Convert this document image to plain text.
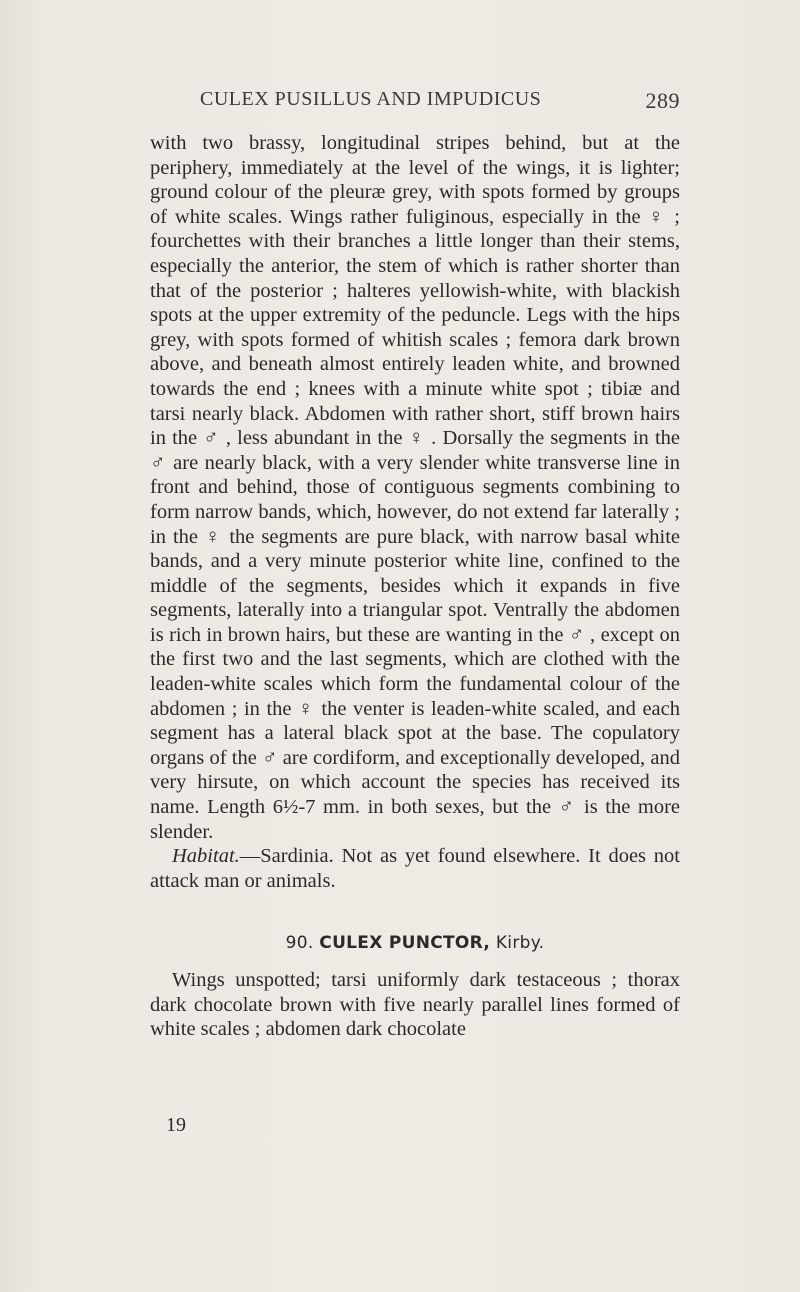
CULEX PUSILLUS AND IMPUDICUS	289

with two brassy, longitudinal stripes behind, but at the periphery, immediately at the level of the wings, it is lighter; ground colour of the pleuræ grey, with spots formed by groups of white scales. Wings rather fuliginous, especially in the ♀ ; fourchettes with their branches a little longer than their stems, especially the anterior, the stem of which is rather shorter than that of the posterior ; halteres yellowish-white, with blackish spots at the upper extremity of the peduncle. Legs with the hips grey, with spots formed of whitish scales ; femora dark brown above, and beneath almost entirely leaden white, and browned towards the end ; knees with a minute white spot ; tibiæ and tarsi nearly black. Abdomen with rather short, stiff brown hairs in the ♂ , less abundant in the ♀ . Dorsally the segments in the ♂ are nearly black, with a very slender white transverse line in front and behind, those of contiguous segments combining to form narrow bands, which, however, do not extend far laterally ; in the ♀ the segments are pure black, with narrow basal white bands, and a very minute posterior white line, confined to the middle of the segments, besides which it expands in five segments, laterally into a triangular spot. Ventrally the abdomen is rich in brown hairs, but these are wanting in the ♂ , except on the first two and the last segments, which are clothed with the leaden-white scales which form the fundamental colour of the abdomen ; in the ♀ the venter is leaden-white scaled, and each segment has a lateral black spot at the base. The copulatory organs of the ♂ are cordiform, and exceptionally developed, and very hirsute, on which account the species has received its name. Length 6½-7 mm. in both sexes, but the ♂ is the more slender.

Habitat.—Sardinia. Not as yet found elsewhere. It does not attack man or animals.

90. CULEX PUNCTOR, Kirby.

Wings unspotted; tarsi uniformly dark testaceous ; thorax dark chocolate brown with five nearly parallel lines formed of white scales ; abdomen dark chocolate

19
